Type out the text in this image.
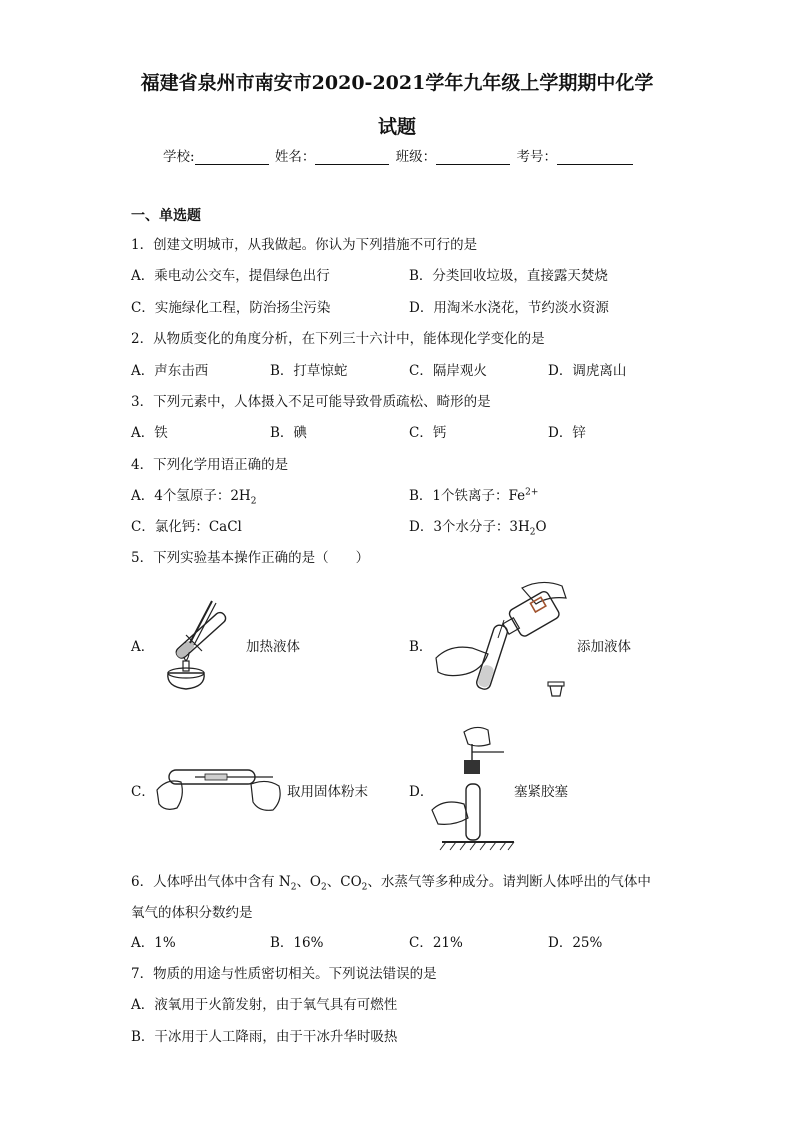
福建省泉州市南安市2020-2021学年九年级上学期期中化学
试题
学校:	姓名：	班级：	考号：
一、单选题
1．创建文明城市，从我做起。你认为下列措施不可行的是
A．乘电动公交车，提倡绿色出行	B．分类回收垃圾，直接露天焚烧
C．实施绿化工程，防治扬尘污染	D．用淘米水浇花，节约淡水资源
2．从物质变化的角度分析，在下列三十六计中，能体现化学变化的是
A．声东击西	B．打草惊蛇	C．隔岸观火	D．调虎离山
3．下列元素中，人体摄入不足可能导致骨质疏松、畸形的是
A．铁	B．碘	C．钙	D．锌
4．下列化学用语正确的是
A．4个氢原子：$2H_2$	B．1个铁离子：$Fe^{2+}$
C．氯化钙：CaCl	D．3个水分子：$3H_2O$
5．下列实验基本操作正确的是（　　）
A．	加热液体	B．	添加液体
C．	取用固体粉末	D．	塞紧胶塞
6．人体呼出气体中含有 $N_2$、$O_2$、$CO_2$、水蒸气等多种成分。请判断人体呼出的气体中
氧气的体积分数约是
A．1%	B．16%	C．21%	D．25%
7．物质的用途与性质密切相关。下列说法错误的是
A．液氧用于火箭发射，由于氧气具有可燃性
B．干冰用于人工降雨，由于干冰升华时吸热
